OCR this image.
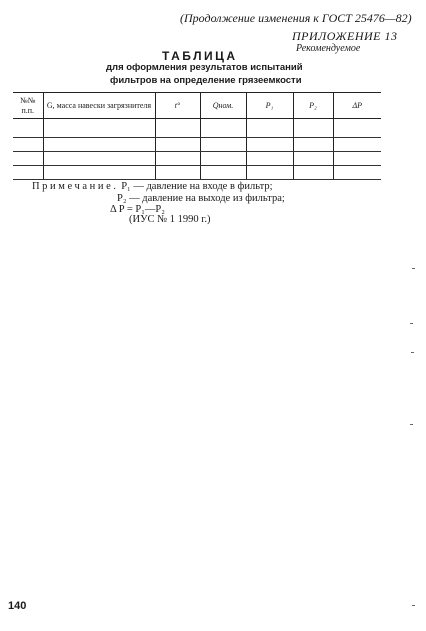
(Продолжение изменения к ГОСТ 25476—82)
ПРИЛОЖЕНИЕ 13
Рекомендуемое
ТАБЛИЦА
для оформления результатов испытаний
фильтров на определение грязеемкости
№№ п.п.	G, масса навески загрязнителя	t°	Qном.	P₁	P₂	ΔP

Примечание. P₁ — давление на входе в фильтр;
P₂ — давление на выходе из фильтра;
Δ P = P₁—P₂
(ИУС № 1 1990 г.)
140
